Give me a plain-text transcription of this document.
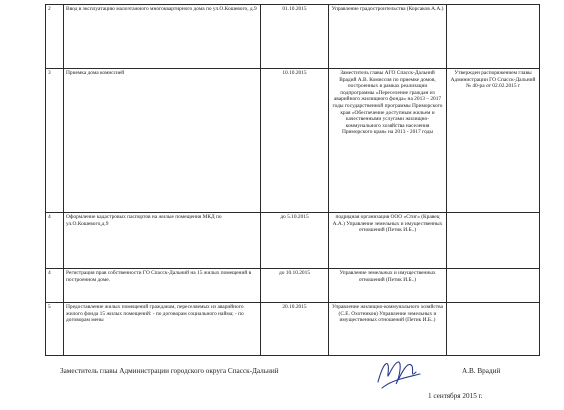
2	Ввод в эксплуатацию малоэтажного многоквартирного дома по ул.О.Кошевого, д.9	01.10.2015	Управление градостроительства (Корсаков А.А.)	
3	Приемка дома комиссией	10.10.2015	Заместитель главы АГО Спасск-Дальний Врадий А.В. Комиссия по приемке домов, построенных в рамках реализации подпрограммы «Переселение граждан из аварийного жилищного фонда» на 2013 – 2017 годы государственной программы Приморского края «Обеспечение доступным жильем и качественными услугами жилищно-коммунального хозяйства населения Приморского края» на 2013 - 2017 годы	Утвержден распоряжением главы Администрации ГО Спасск-Дальний № 40-ра от 02.02.2015 г
4	Оформление кадастровых паспортов на жилые помещения МКД по ул.О.Кошевого,д.9	до 5.10.2015	подрядная организация ООО «Стиг» (Кравец А.А.) Управление земельных и имущественных отношений (Петик И.Б..)	
4	Регистрация прав собственности ГО Спасск-Дальний на 15 жилых помещений в построенном доме.	до 10.10.2015	Управление земельных и имущественных отношений (Петик И.Б..)	
5	Предоставление жилых помещений гражданам, переселяемых из аварийного жилого фонда 15 жилых помещений: - по договорам социального найма; - по договорам мены	20.10.2015	Управление жилищно-коммунального хозяйства (С.Е. Охотников) Управление земельных и имущественных отношений (Петик И.Б..)	
Заместитель главы Администрации городского округа Спасск-Дальний	А.В. Врадий
1 сентября 2015 г.
